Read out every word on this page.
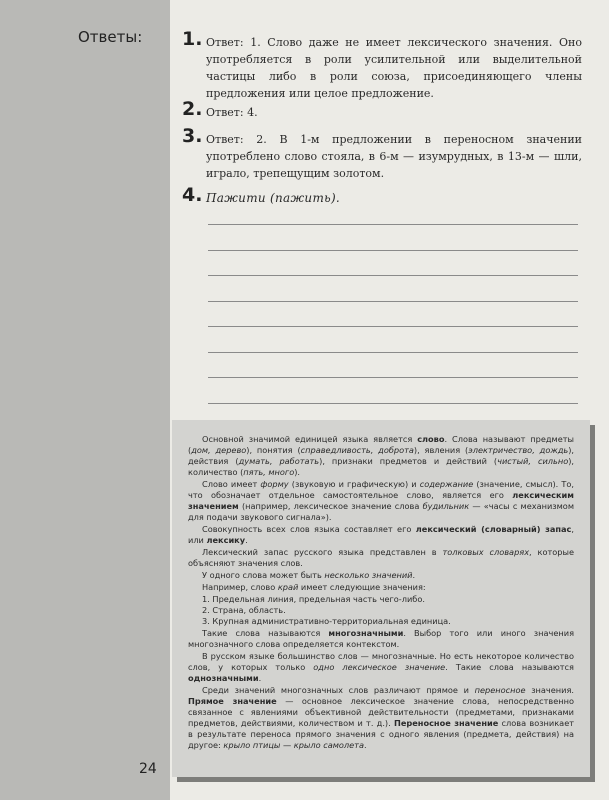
Ответы:
24
1. Ответ: 1. Слово даже не имеет лексического значения. Оно употребляется в роли усилительной или выделительной частицы либо в роли союза, присоединяющего члены предложения или целое предложение.
2. Ответ: 4.
3. Ответ: 2. В 1-м предложении в переносном значении употреблено слово стояла, в 6-м — изумрудных, в 13-м — шли, играло, трепещущим золотом.
4. Пажити (пажить).

Основной значимой единицей языка является слово. Слова называют предметы (дом, дерево), понятия (справедливость, доброта), явления (электричество, дождь), действия (думать, работать), признаки предметов и действий (чистый, сильно), количество (пять, много).

Слово имеет форму (звуковую и графическую) и содержание (значение, смысл). То, что обозначает отдельное самостоятельное слово, является его лексическим значением (например, лексическое значение слова будильник — «часы с механизмом для подачи звукового сигнала»).

Совокупность всех слов языка составляет его лексический (словарный) запас, или лексику.

Лексический запас русского языка представлен в толковых словарях, которые объясняют значения слов.

У одного слова может быть несколько значений.

Например, слово край имеет следующие значения:

1. Предельная линия, предельная часть чего-либо.
2. Страна, область.
3. Крупная административно-территориальная единица.

Такие слова называются многозначными. Выбор того или иного значения многозначного слова определяется контекстом.

В русском языке большинство слов — многозначные. Но есть некоторое количество слов, у которых только одно лексическое значение. Такие слова называются однозначными.

Среди значений многозначных слов различают прямое и переносное значения. Прямое значение — основное лексическое значение слова, непосредственно связанное с явлениями объективной действительности (предметами, признаками предметов, действиями, количеством и т. д.). Переносное значение слова возникает в результате переноса прямого значения с одного явления (предмета, действия) на другое: крыло птицы — крыло самолета.
